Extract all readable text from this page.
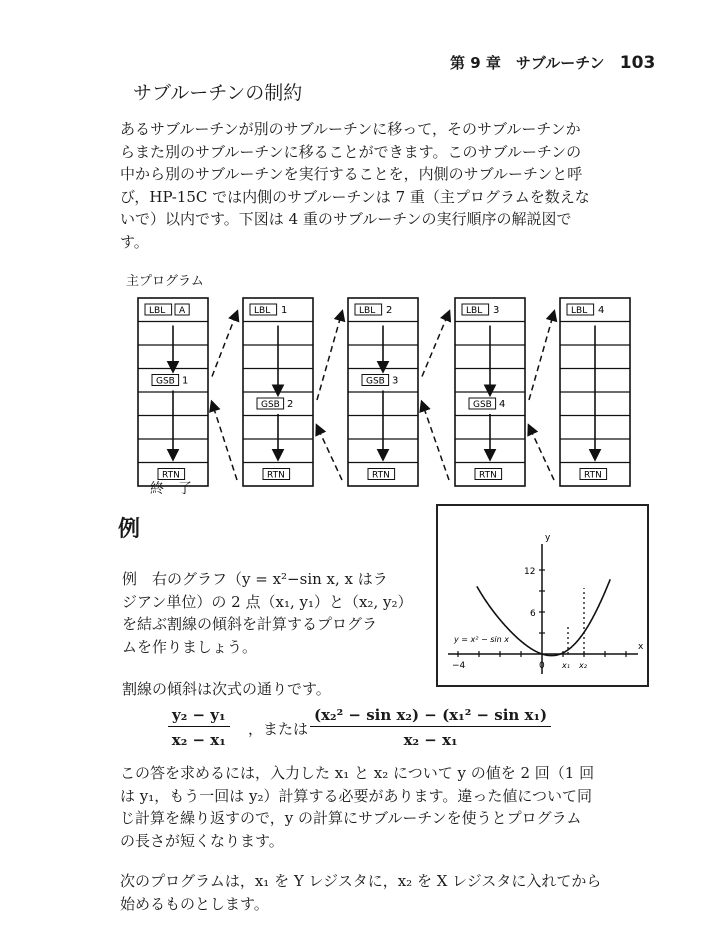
第 9 章　サブルーチン 103
サブルーチンの制約
あるサブルーチンが別のサブルーチンに移って，そのサブルーチンか
らまた別のサブルーチンに移ることができます。このサブルーチンの
中から別のサブルーチンを実行することを，内側のサブルーチンと呼
び，HP-15C では内側のサブルーチンは 7 重（主プログラムを数えな
いで）以内です。下図は 4 重のサブルーチンの実行順序の解説図で
す。
主プログラム
LBL A
GSB 1
RTN
LBL 1
GSB 2
RTN
LBL 2
GSB 3
RTN
LBL 3
GSB 4
RTN
LBL 4
RTN
終　了
例
例　右のグラフ（y = x²−sin x, x はラ
ジアン単位）の 2 点（x₁, y₁）と（x₂, y₂）
を結ぶ割線の傾斜を計算するプログラ
ムを作りましょう。
y
x
12
6
−4	0 x₁ x₂
y = x² − sin x
割線の傾斜は次式の通りです。
$\frac{\text{y₂ − y₁}}{\text{x₂ − x₁}}$ ，または $\frac{\text{(x₂² − sin x₂) − (x₁² − sin x₁)}}{\text{x₂ − x₁}}$
この答を求めるには，入力した x₁ と x₂ について y の値を 2 回（1 回
は y₁，もう一回は y₂）計算する必要があります。違った値について同
じ計算を繰り返すので，y の計算にサブルーチンを使うとプログラム
の長さが短くなります。
次のプログラムは，x₁ を Y レジスタに，x₂ を X レジスタに入れてから
始めるものとします。
